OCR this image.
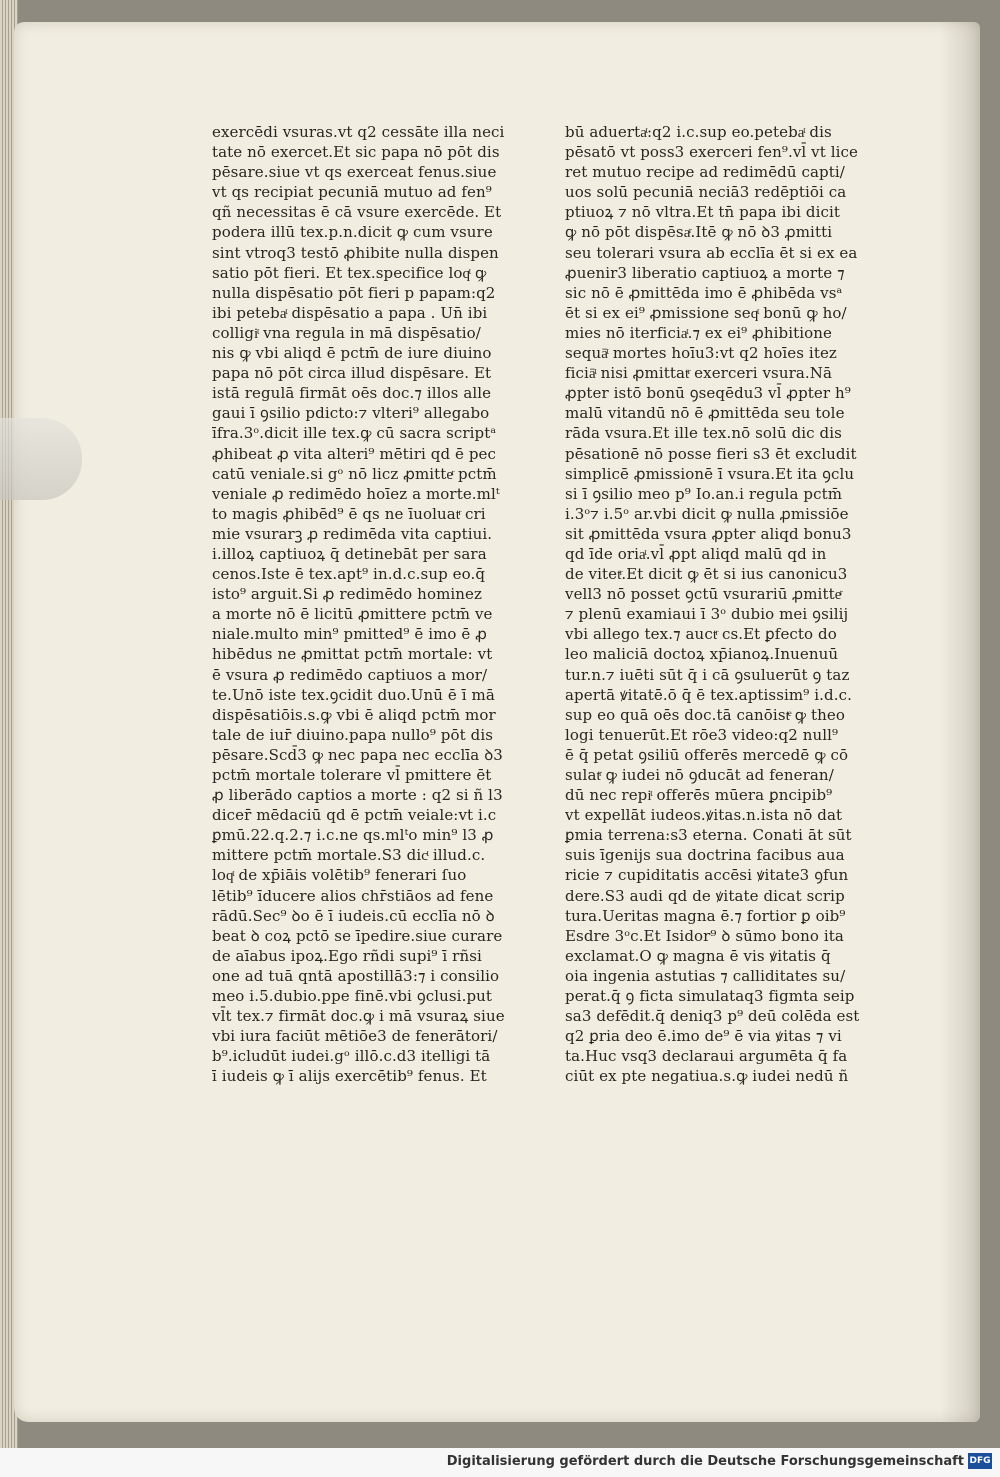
exercēdi vsuras.vt q2 cessāte illa neci
tate nō exercet.Et sic papa nō pōt dis
pēsare.siue vt qs exerceat fenus.siue
vt qs recipiat pecuniā mutuo ad fen⁹
qñ necessitas ē cā vsure exercēde. Et
podera illū tex.p.n.dicit ꝙ cum vsure
sint vtroq3 testō ꝓhibite nulla dispen
satio pōt fieri. Et tex.specifice loqͭ ꝙ
nulla dispēsatio pōt fieri p papam:q2
ibi petebaͭ dispēsatio a papa . Un̄ ibi
colligiͭ vna regula in mā dispēsatio/
nis ꝙ vbi aliqd ē pctm̄ de iure diuino
papa nō pōt circa illud dispēsare. Et
istā regulā firmāt oēs doc.⁊ illos alle
gaui ī ꝯsilio pdicto:⁊ vlteri⁹ allegabo
īfra.3ᵒ.dicit ille tex.ꝙ cū sacra scriptᵃ
ꝓhibeat ꝓ vita alteri⁹ mētiri qd ē pec
catū veniale.si gᵒ nō licz ꝓmitteͬ pctm̄
veniale ꝓ redimēdo hoīez a morte.mlᵗ
to magis ꝓhibēd⁹ ē qs ne īuoluatͬ cri
mie vsurarꝫ ꝓ redimēda vita captiui.
i.illoꝝ captiuoꝝ q̄ detinebāt per sara
cenos.Iste ē tex.apt⁹ in.d.c.sup eo.q̄
isto⁹ arguit.Si ꝓ redimēdo hominez
a morte nō ē licitū ꝓmittere pctm̄ ve
niale.multo min⁹ pmitted⁹ ē imo ē ꝓ
hibēdus ne ꝓmittat pctm̄ mortale: vt
ē vsura ꝓ redimēdo captiuos a mor/
te.Unō iste tex.ꝯcidit duo.Unū ē ī mā
dispēsatiōis.s.ꝙ vbi ē aliqd pctm̄ mor
tale de iur̄ diuino.papa nullo⁹ pōt dis
pēsare.Scd̄3 ꝙ nec papa nec ecclīa ꝺ3
pctm̄ mortale tolerare vl̄ pmittere ēt
ꝓ liberādo captios a morte : q2 si ñ l3
dicer̄ mēdaciū qd ē pctm̄ veiale:vt i.c
ꝑmū.22.q.2.⁊ i.c.ne qs.mlᵗo min⁹ l3 ꝓ
mittere pctm̄ mortale.S3 dicͭ illud.c.
loqͭ de xp̄iāis volētib⁹ fenerari ſuo
lētib⁹ īducere alios chr̄stiāos ad fene
rādū.Sec⁹ ꝺo ē ī iudeis.cū ecclīa nō ꝺ
beat ꝺ coꝝ pctō se īpedire.siue curare
de aīabus ipoꝝ.Ego rñdi supi⁹ ī rñsi
one ad tuā qntā apostillā3:⁊ i consilio
meo i.5.dubio.ppe finē.vbi ꝯclusi.put
vl̄t tex.⁊ firmāt doc.ꝙ i mā vsuraꝝ siue
vbi iura faciūt mētiōe3 de fenerātori/
b⁹.icludūt iudei.gᵒ illō.c.d3 itelligi tā
ī iudeis ꝙ ī alijs exercētib⁹ fenus. Et
bū aduertaͭ:q2 i.c.sup eo.petebaͭ dis
pēsatō vt poss3 exerceri fen⁹.vl̄ vt lice
ret mutuo recipe ad redimēdū capti/
uos solū pecuniā neciā3 redēptiōi ca
ptiuoꝝ ⁊ nō vltra.Et tn̄ papa ibi dicit
ꝙ nō pōt dispēsaͬ.Itē ꝙ nō ꝺ3 ꝓmitti
seu tolerari vsura ab ecclīa ēt si ex ea
ꝓuenir3 liberatio captiuoꝝ a morte ⁊
sic nō ē ꝓmittēda imo ē ꝓhibēda vsᵃ
ēt si ex ei⁹ ꝓmissione seqͭ bonū ꝙ ho/
mies nō iterficiaͭ.⁊ ex ei⁹ ꝓhibitione
sequāͭ mortes hoīu3:vt q2 hoīes itez
ficiāͭ nisi ꝓmittatͬ exerceri vsura.Nā
ꝓpter istō bonū ꝯseqēdu3 vl̄ ꝓpter h⁹
malū vitandū nō ē ꝓmittēda seu tole
rāda vsura.Et ille tex.nō solū dic dis
pēsationē nō posse fieri s3 ēt excludit
simplicē ꝓmissionē ī vsura.Et ita ꝯclu
si ī ꝯsilio meo p⁹ Io.an.i regula pctm̄
i.3ᵒ⁊ i.5ᵒ ar.vbi dicit ꝙ nulla ꝓmissiōe
sit ꝓmittēda vsura ꝓpter aliqd bonu3
qd īde oriaͭ.vl̄ ꝓpt aliqd malū qd in
de vitetͬ.Et dicit ꝙ ēt si ius canonicu3
vell3 nō posset ꝯctū vsurariū ꝓmitteͬ
⁊ plenū examiaui ī 3ᵒ dubio mei ꝯsilij
vbi allego tex.⁊ auctͬ cs.Et ꝑfecto do
leo maliciā doctoꝝ xp̄ianoꝝ.Inuenuū
tur.n.⁊ iuēti sūt q̄ i cā ꝯsuluerūt ꝯ taz
apertā ꝟitatē.ō q̄ ē tex.aptissim⁹ i.d.c.
sup eo quā oēs doc.tā canōistͤ ꝙ theo
logi tenuerūt.Et rōe3 video:q2 null⁹
ē q̄ petat ꝯsiliū offerēs mercedē ꝙ cō
sulatͬ ꝙ iudei nō ꝯducāt ad feneran/
dū nec repiͭ offerēs mūera ꝑncipib⁹
vt expellāt iudeos.ꝟitas.n.ista nō dat
ꝑmia terrena:s3 eterna. Conati āt sūt
suis īgenijs sua doctrina facibus aua
ricie ⁊ cupiditatis accēsi ꝟitate3 ꝯfun
dere.S3 audi qd de ꝟitate dicat scrip
tura.Ueritas magna ē.⁊ fortior ꝑ oib⁹
Esdre 3ᵒc.Et Isidor⁹ ꝺ sūmo bono ita
exclamat.O ꝙ magna ē vis ꝟitatis q̄
oia ingenia astutias ⁊ calliditates su/
perat.q̄ ꝯ ficta simulataq3 figmta seip
sa3 defēdit.q̄ deniq3 p⁹ deū colēda est
q2 ꝑria deo ē.imo de⁹ ē via ꝟitas ⁊ vi
ta.Huc vsq3 declaraui argumēta q̄ fa
ciūt ex pte negatiua.s.ꝙ iudei nedū ñ
Digitalisierung gefördert durch die Deutsche Forschungsgemeinschaft DFG
